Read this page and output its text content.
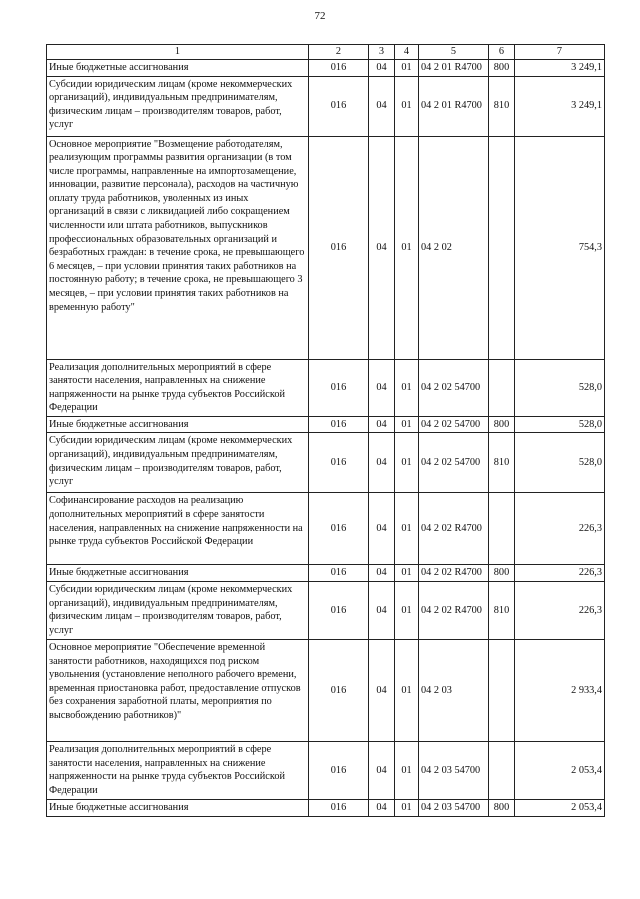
72
1	2	3	4	5	6	7
Иные бюджетные ассигнования	016	04	01	04 2 01 R4700	800	3 249,1
Субсидии юридическим лицам (кроме некоммерческих организаций), индивидуальным предпринимателям, физическим лицам – производителям товаров, работ, услуг	016	04	01	04 2 01 R4700	810	3 249,1
Основное мероприятие "Возмещение работодателям, реализующим программы развития организации (в том числе программы, направленные на импортозамещение, инновации, развитие персонала), расходов на частичную оплату труда работников, уволенных из иных организаций в связи с ликвидацией либо сокращением численности или штата работников, выпускников профессиональных образовательных организаций и безработных граждан: в течение срока, не превышающего 6 месяцев, – при условии принятия таких работников на постоянную работу; в течение срока, не превышающего 3 месяцев, – при условии принятия таких работников на временную работу"	016	04	01	04 2 02		754,3
Реализация дополнительных мероприятий в сфере занятости населения, направленных на снижение напряженности на рынке труда субъектов Российской Федерации	016	04	01	04 2 02 54700		528,0
Иные бюджетные ассигнования	016	04	01	04 2 02 54700	800	528,0
Субсидии юридическим лицам (кроме некоммерческих организаций), индивидуальным предпринимателям, физическим лицам – производителям товаров, работ, услуг	016	04	01	04 2 02 54700	810	528,0
Софинансирование расходов на реализацию дополнительных мероприятий в сфере занятости населения, направленных на снижение напряженности на рынке труда субъектов Российской Федерации	016	04	01	04 2 02 R4700		226,3
Иные бюджетные ассигнования	016	04	01	04 2 02 R4700	800	226,3
Субсидии юридическим лицам (кроме некоммерческих организаций), индивидуальным предпринимателям, физическим лицам – производителям товаров, работ, услуг	016	04	01	04 2 02 R4700	810	226,3
Основное мероприятие "Обеспечение временной занятости работников, находящихся под риском увольнения (установление неполного рабочего времени, временная приостановка работ, предоставление отпусков без сохранения заработной платы, мероприятия по высвобождению работников)"	016	04	01	04 2 03		2 933,4
Реализация дополнительных мероприятий в сфере занятости населения, направленных на снижение напряженности на рынке труда субъектов Российской Федерации	016	04	01	04 2 03 54700		2 053,4
Иные бюджетные ассигнования	016	04	01	04 2 03 54700	800	2 053,4
